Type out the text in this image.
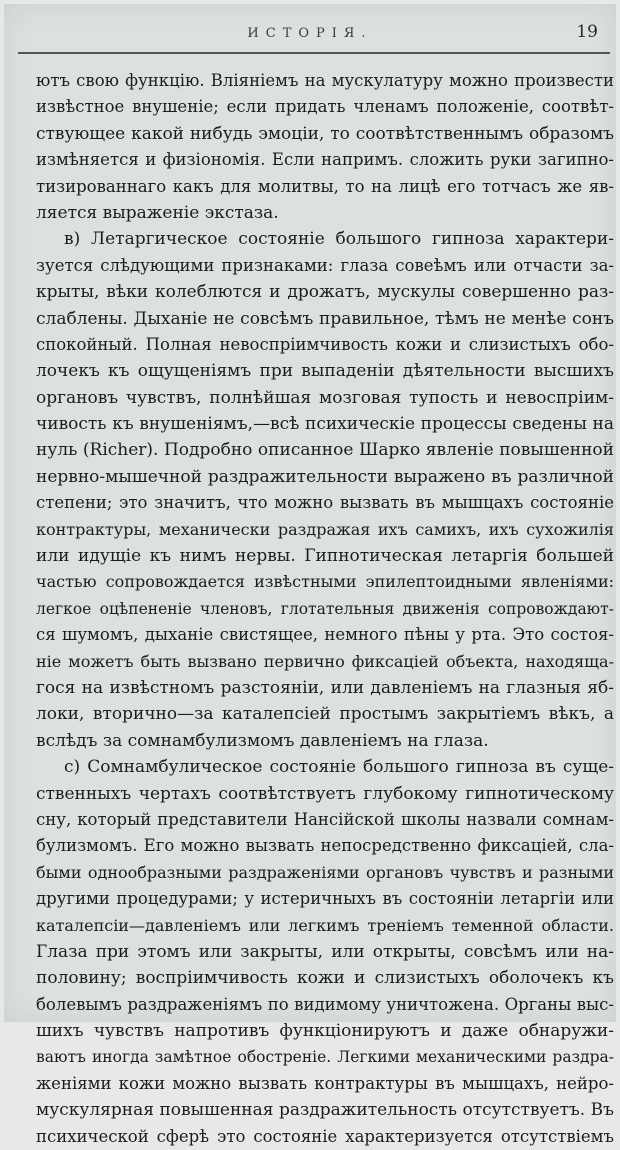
ИСТОРІЯ.	19
ютъ свою функцію. Вліяніемъ на мускулатуру можно произвести
извѣстное внушеніе; если придать членамъ положеніе, соотвѣт-
ствующее какой нибудь эмоціи, то соотвѣтственнымъ образомъ
измѣняется и физіономія. Если напримъ. сложить руки загипно-
тизированнаго какъ для молитвы, то на лицѣ его тотчасъ же яв-
ляется выраженіе экстаза.
в) Летаргическое состояніе большого гипноза характери-
зуется слѣдующими признаками: глаза совеѣмъ или отчасти за-
крыты, вѣки колеблются и дрожатъ, мускулы совершенно раз-
слаблены. Дыханіе не совсѣмъ правильное, тѣмъ не менѣе сонъ
спокойный. Полная невоспріимчивость кожи и слизистыхъ обо-
лочекъ къ ощущеніямъ при выпаденіи дѣятельности высшихъ
органовъ чувствъ, полнѣйшая мозговая тупость и невоспріим-
чивость къ внушеніямъ,—всѣ психическіе процессы сведены на
нуль (Richer). Подробно описанное Шарко явленіе повышенной
нервно-мышечной раздражительности выражено въ различной
степени; это значитъ, что можно вызвать въ мышцахъ состояніе
контрактуры, механически раздражая ихъ самихъ, ихъ сухожилія
или идущіе къ нимъ нервы. Гипнотическая летаргія большей
частью сопровождается извѣстными эпилептоидными явленіями:
легкое оцѣпененіе членовъ, глотательныя движенія сопровождают-
ся шумомъ, дыханіе свистящее, немного пѣны у рта. Это состоя-
ніе можетъ быть вызвано первично фиксаціей объекта, находяща-
гося на извѣстномъ разстояніи, или давленіемъ на глазныя яб-
локи, вторично—за каталепсіей простымъ закрытіемъ вѣкъ, а
вслѣдъ за сомнамбулизмомъ давленіемъ на глаза.
с) Сомнамбулическое состояніе большого гипноза въ суще-
ственныхъ чертахъ соотвѣтствуетъ глубокому гипнотическому
сну, который представители Нансійской школы назвали сомнам-
булизмомъ. Его можно вызвать непосредственно фиксаціей, сла-
быми однообразными раздраженіями органовъ чувствъ и разными
другими процедурами; у истеричныхъ въ состояніи летаргіи или
каталепсіи—давленіемъ или легкимъ треніемъ теменной области.
Глаза при этомъ или закрыты, или открыты, совсѣмъ или на-
половину; воспріимчивость кожи и слизистыхъ оболочекъ къ
болевымъ раздраженіямъ по видимому уничтожена. Органы выс-
шихъ чувствъ напротивъ функціонируютъ и даже обнаружи-
ваютъ иногда замѣтное обостреніе. Легкими механическими раздра-
женіями кожи можно вызвать контрактуры въ мышцахъ, нейро-
мускулярная повышенная раздражительность отсутствуетъ. Въ
психической сферѣ это состояніе характеризуется отсутствіемъ
